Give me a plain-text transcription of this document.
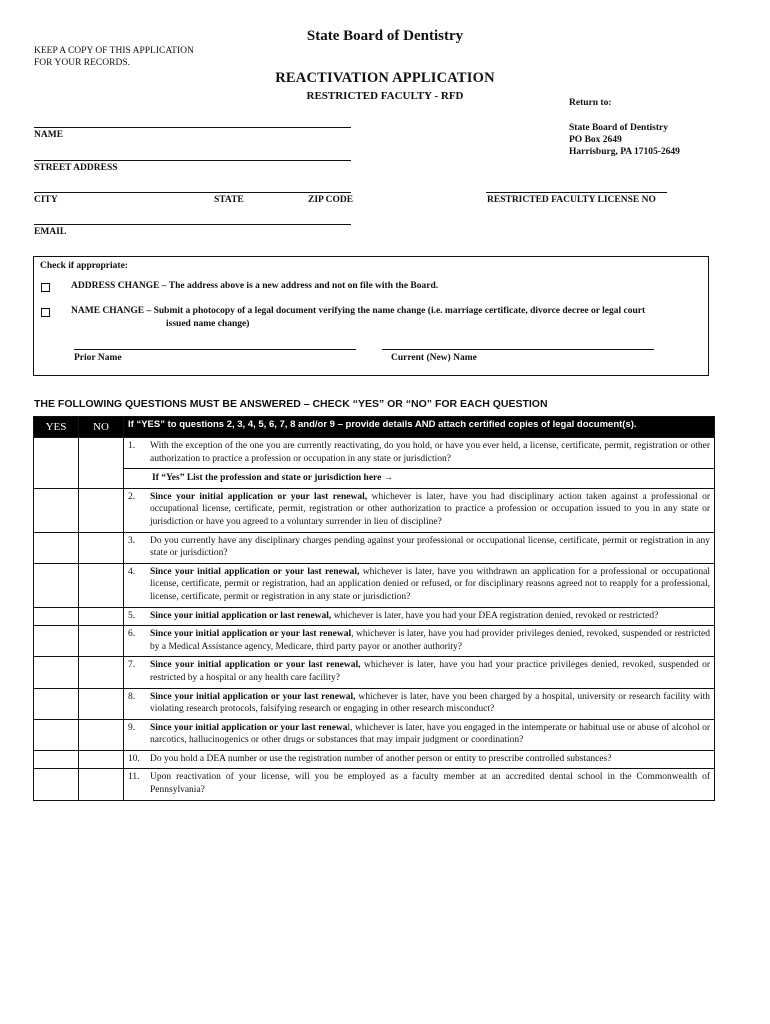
State Board of Dentistry
KEEP A COPY OF THIS APPLICATION
FOR YOUR RECORDS.
REACTIVATION APPLICATION
RESTRICTED FACULTY - RFD
Return to:
State Board of Dentistry
PO Box 2649
Harrisburg, PA 17105-2649
NAME
STREET ADDRESS
CITY	STATE	ZIP CODE	RESTRICTED FACULTY LICENSE NO
EMAIL
Check if appropriate:
ADDRESS CHANGE – The address above is a new address and not on file with the Board.
NAME CHANGE – Submit a photocopy of a legal document verifying the name change (i.e. marriage certificate, divorce decree or legal court
issued name change)
Prior Name	Current (New) Name
THE FOLLOWING QUESTIONS MUST BE ANSWERED – CHECK “YES” OR “NO” FOR EACH QUESTION
YES	NO	If “YES” to questions 2, 3, 4, 5, 6, 7, 8 and/or 9 – provide details AND attach certified copies of legal document(s).

		1. With the exception of the one you are currently reactivating, do you hold, or have you ever held, a license, certificate, permit, registration or other authorization to practice a profession or occupation in any state or jurisdiction?
If “Yes” List the profession and state or jurisdiction here →

		2. Since your initial application or your last renewal, whichever is later, have you had disciplinary action taken against a professional or occupational license, certificate, permit, registration or other authorization to practice a profession or occupation issued to you in any state or jurisdiction or have you agreed to a voluntary surrender in lieu of discipline?

		3. Do you currently have any disciplinary charges pending against your professional or occupational license, certificate, permit or registration in any state or jurisdiction?

		4. Since your initial application or your last renewal, whichever is later, have you withdrawn an application for a professional or occupational license, certificate, permit or registration, had an application denied or refused, or for disciplinary reasons agreed not to reapply for a professional, license, certificate, permit or registration in any state or jurisdiction?

		5. Since your initial application or last renewal, whichever is later, have you had your DEA registration denied, revoked or restricted?

		6. Since your initial application or your last renewal, whichever is later, have you had provider privileges denied, revoked, suspended or restricted by a Medical Assistance agency, Medicare, third party payor or another authority?

		7. Since your initial application or your last renewal, whichever is later, have you had your practice privileges denied, revoked, suspended or restricted by a hospital or any health care facility?

		8. Since your initial application or your last renewal, whichever is later, have you been charged by a hospital, university or research facility with violating research protocols, falsifying research or engaging in other research misconduct?

		9. Since your initial application or your last renewal, whichever is later, have you engaged in the intemperate or habitual use or abuse of alcohol or narcotics, hallucinogenics or other drugs or substances that may impair judgment or coordination?

		10. Do you hold a DEA number or use the registration number of another person or entity to prescribe controlled substances?

		11. Upon reactivation of your license, will you be employed as a faculty member at an accredited dental school in the Commonwealth of Pennsylvania?
